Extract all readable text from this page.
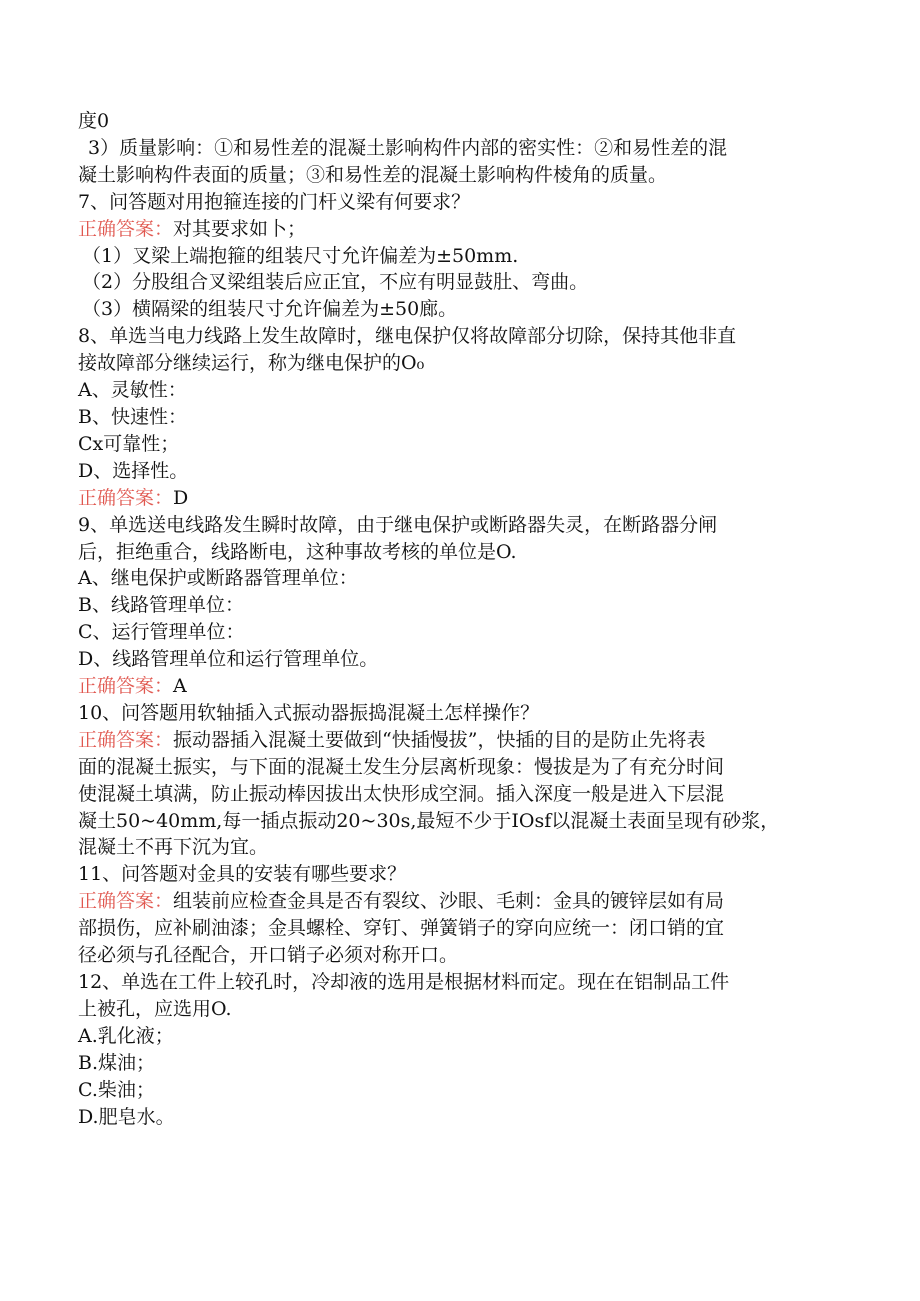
度0
3）质量影响：①和易性差的混凝土影响构件内部的密实性：②和易性差的混
凝土影响构件表面的质量；③和易性差的混凝土影响构件棱角的质量。
7、问答题对用抱箍连接的门杆义梁有何要求？
正确答案：对其要求如卜；
（1）叉梁上端抱箍的组装尺寸允许偏差为±50mm.
（2）分股组合叉梁组装后应正宜，不应有明显鼓肚、弯曲。
（3）横隔梁的组装尺寸允许偏差为±50廊。
8、单选当电力线路上发生故障时，继电保护仅将故障部分切除，保持其他非直
接故障部分继续运行，称为继电保护的O₀
A、灵敏性：
B、快速性：
Cx可靠性；
D、选择性。
正确答案：D
9、单选送电线路发生瞬时故障，由于继电保护或断路器失灵，在断路器分闸
后，拒绝重合，线路断电，这种事故考核的单位是O.
A、继电保护或断路器管理单位：
B、线路管理单位：
C、运行管理单位：
D、线路管理单位和运行管理单位。
正确答案：A
10、问答题用软轴插入式振动器振捣混凝土怎样操作？
正确答案：振动器插入混凝土要做到“快插慢拔”，快插的目的是防止先将表
面的混凝土振实，与下面的混凝土发生分层离析现象：慢拔是为了有充分时间
使混凝土填满，防止振动棒因拔出太快形成空洞。插入深度一般是进入下层混
凝土50~40mm,每一插点振动20~30s,最短不少于IOsf以混凝土表面呈现有砂浆，
混凝土不再下沉为宜。
11、问答题对金具的安装有哪些要求？
正确答案：组装前应检查金具是否有裂纹、沙眼、毛刺：金具的镀锌层如有局
部损伤，应补刷油漆；金具螺栓、穿钉、弹簧销子的穿向应统一：闭口销的宜
径必须与孔径配合，开口销子必须对称开口。
12、单选在工件上较孔时，冷却液的选用是根据材料而定。现在在铝制品工件
上被孔，应选用O.
A.乳化液；
B.煤油；
C.柴油；
D.肥皂水。
